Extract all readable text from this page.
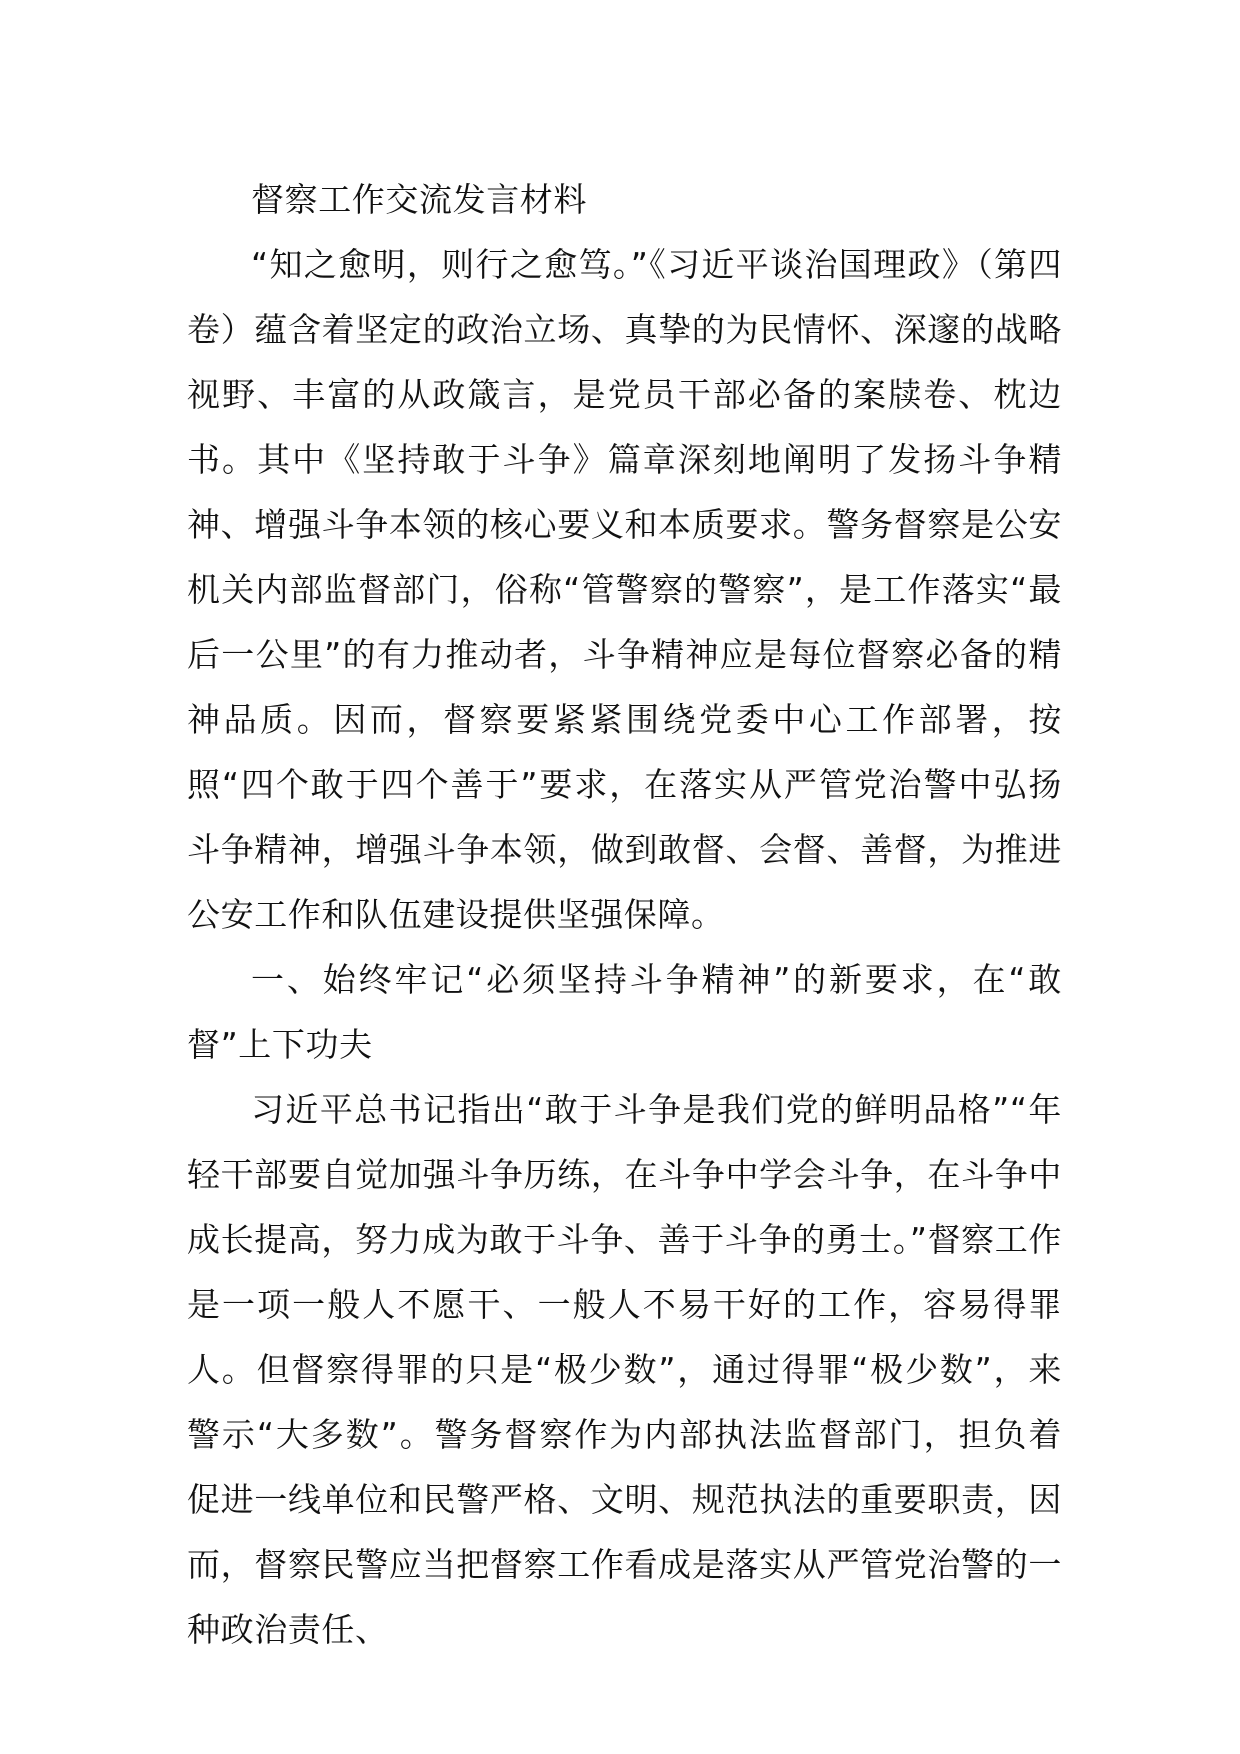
督察工作交流发言材料

“知之愈明，则行之愈笃。”《习近平谈治国理政》（第四卷）蕴含着坚定的政治立场、真挚的为民情怀、深邃的战略视野、丰富的从政箴言，是党员干部必备的案牍卷、枕边书。其中《坚持敢于斗争》篇章深刻地阐明了发扬斗争精神、增强斗争本领的核心要义和本质要求。警务督察是公安机关内部监督部门，俗称“管警察的警察”，是工作落实“最后一公里”的有力推动者，斗争精神应是每位督察必备的精神品质。因而，督察要紧紧围绕党委中心工作部署，按照“四个敢于四个善于”要求，在落实从严管党治警中弘扬斗争精神，增强斗争本领，做到敢督、会督、善督，为推进公安工作和队伍建设提供坚强保障。

一、始终牢记“必须坚持斗争精神”的新要求，在“敢督”上下功夫

习近平总书记指出“敢于斗争是我们党的鲜明品格”“年轻干部要自觉加强斗争历练，在斗争中学会斗争，在斗争中成长提高，努力成为敢于斗争、善于斗争的勇士。”督察工作是一项一般人不愿干、一般人不易干好的工作，容易得罪人。但督察得罪的只是“极少数”，通过得罪“极少数”，来警示“大多数”。警务督察作为内部执法监督部门，担负着促进一线单位和民警严格、文明、规范执法的重要职责，因而，督察民警应当把督察工作看成是落实从严管党治警的一种政治责任、
